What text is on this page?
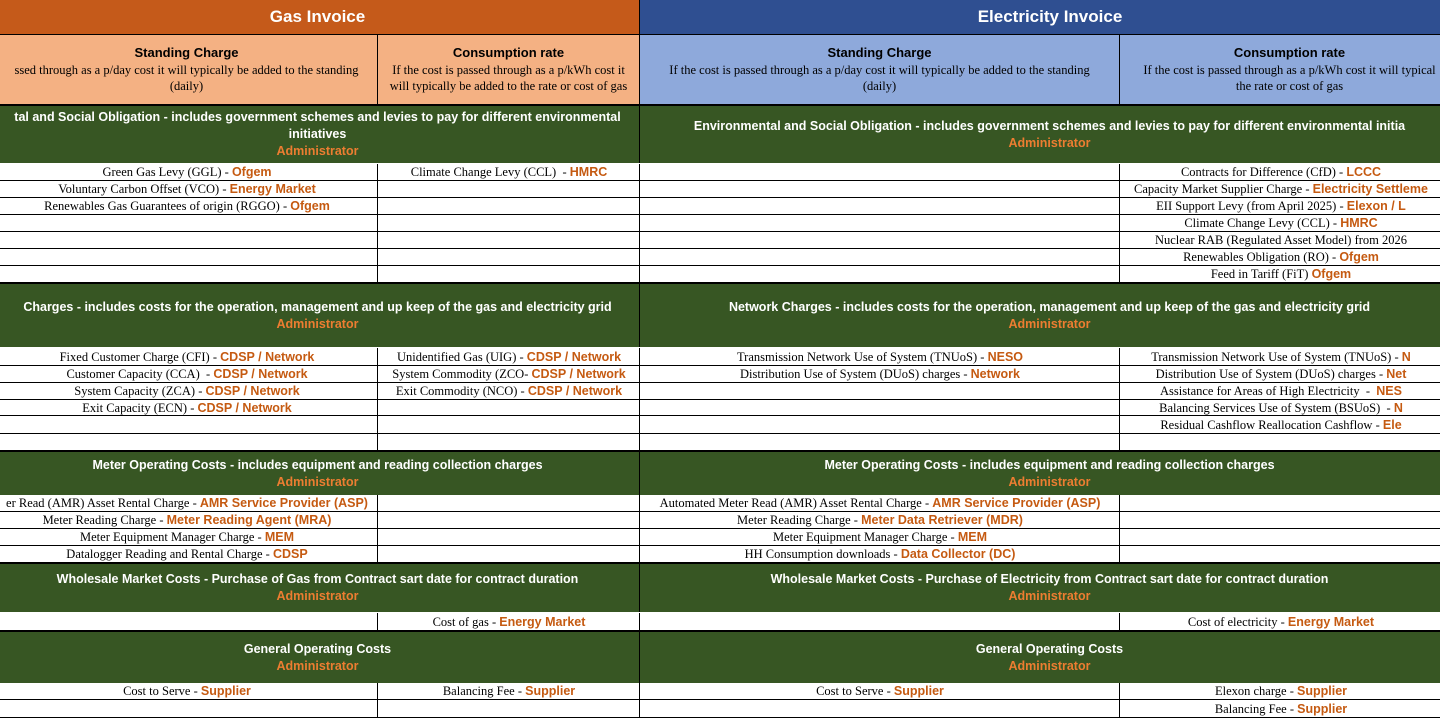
Gas Invoice
Standing Charge
ssed through as a p/day cost it will typically be added to the standing
(daily)
Consumption rate
If the cost is passed through as a p/kWh cost it
will typically be added to the rate or cost of gas
tal and Social Obligation - includes government schemes and levies to pay for different environmental
initiatives
Administrator
Green Gas Levy (GGL) - Ofgem
Voluntary Carbon Offset (VCO) - Energy Market
Renewables Gas Guarantees of origin (RGGO) - Ofgem
Climate Change Levy (CCL) - HMRC
Charges - includes costs for the operation, management and up keep of the gas and electricity grid
Administrator
Fixed Customer Charge (CFI) - CDSP / Network
Customer Capacity (CCA) - CDSP / Network
System Capacity (ZCA) - CDSP / Network
Exit Capacity (ECN) - CDSP / Network
Unidentified Gas (UIG) - CDSP / Network
System Commodity (ZCO - CDSP / Network
Exit Commodity (NCO) - CDSP / Network
Meter Operating Costs - includes equipment and reading collection charges
Administrator
er Read (AMR) Asset Rental Charge - AMR Service Provider (ASP)
Meter Reading Charge - Meter Reading Agent (MRA)
Meter Equipment Manager Charge - MEM
Datalogger Reading and Rental Charge - CDSP
Wholesale Market Costs - Purchase of Gas from Contract sart date for contract duration
Administrator
Cost of gas - Energy Market
General Operating Costs
Administrator
Cost to Serve - Supplier	Balancing Fee - Supplier
Electricity Invoice
Standing Charge
If the cost is passed through as a p/day cost it will typically be added to the standing
(daily)
Consumption rate
If the cost is passed through as a p/kWh cost it will typical
the rate or cost of gas
Environmental and Social Obligation - includes government schemes and levies to pay for different environmental initia
Administrator
Contracts for Difference (CfD) - LCCC
Capacity Market Supplier Charge - Electricity Settleme
EII Support Levy (from April 2025) - Elexon / L
Climate Change Levy (CCL) - HMRC
Nuclear RAB (Regulated Asset Model) from 2026
Renewables Obligation (RO) - Ofgem
Feed in Tariff (FiT)
Ofgem
Network Charges - includes costs for the operation, management and up keep of the gas and electricity grid
Administrator
Transmission Network Use of System (TNUoS) - NESO
Distribution Use of System (DUoS) charges - Network
Transmission Network Use of System (TNUoS) - N
Distribution Use of System (DUoS) charges - Net
Assistance for Areas of High Electricity - NES
Balancing Services Use of System (BSUoS) - N
Residual Cashflow Reallocation Cashflow - Ele
Meter Operating Costs - includes equipment and reading collection charges
Administrator
Automated Meter Read (AMR) Asset Rental Charge - AMR Service Provider (ASP)
Meter Reading Charge - Meter Data Retriever (MDR)
Meter Equipment Manager Charge - MEM
HH Consumption downloads - Data Collector (DC)
Wholesale Market Costs - Purchase of Electricity from Contract sart date for contract duration
Administrator
Cost of electricity - Energy Market
General Operating Costs
Administrator
Cost to Serve - Supplier	Elexon charge - Supplier
Balancing Fee - Supplier
